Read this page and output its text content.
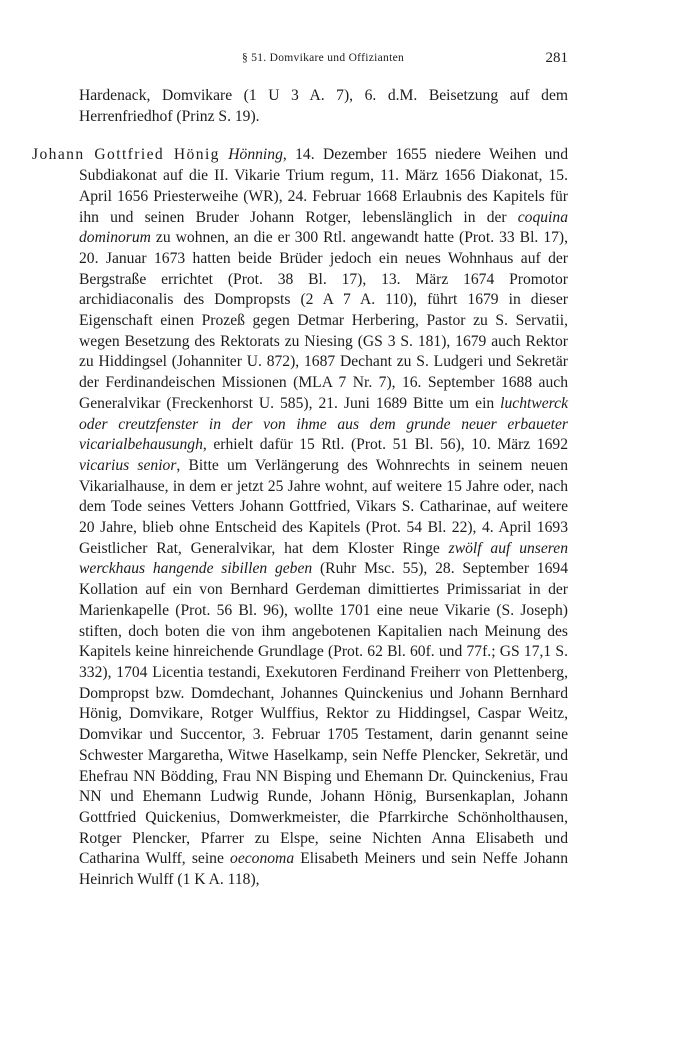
§ 51. Domvikare und Offizianten	281

Hardenack, Domvikare (1 U 3 A. 7), 6. d.M. Beisetzung auf dem Herrenfriedhof (Prinz S. 19).

Johann Gottfried Hönig Hönning, 14. Dezember 1655 niedere Weihen und Subdiakonat auf die II. Vikarie Trium regum, 11. März 1656 Diakonat, 15. April 1656 Priesterweihe (WR), 24. Februar 1668 Erlaubnis des Kapitels für ihn und seinen Bruder Johann Rotger, lebenslänglich in der coquina dominorum zu wohnen, an die er 300 Rtl. angewandt hatte (Prot. 33 Bl. 17), 20. Januar 1673 hatten beide Brüder jedoch ein neues Wohnhaus auf der Bergstraße errichtet (Prot. 38 Bl. 17), 13. März 1674 Promotor archidiaconalis des Dompropsts (2 A 7 A. 110), führt 1679 in dieser Eigenschaft einen Prozeß gegen Detmar Herbering, Pastor zu S. Servatii, wegen Besetzung des Rektorats zu Niesing (GS 3 S. 181), 1679 auch Rektor zu Hiddingsel (Johanniter U. 872), 1687 Dechant zu S. Ludgeri und Sekretär der Ferdinandeischen Missionen (MLA 7 Nr. 7), 16. September 1688 auch Generalvikar (Freckenhorst U. 585), 21. Juni 1689 Bitte um ein luchtwerck oder creutzfenster in der von ihme aus dem grunde neuer erbaueter vicarialbehausungh, erhielt dafür 15 Rtl. (Prot. 51 Bl. 56), 10. März 1692 vicarius senior, Bitte um Verlängerung des Wohnrechts in seinem neuen Vikarialhause, in dem er jetzt 25 Jahre wohnt, auf weitere 15 Jahre oder, nach dem Tode seines Vetters Johann Gottfried, Vikars S. Catharinae, auf weitere 20 Jahre, blieb ohne Entscheid des Kapitels (Prot. 54 Bl. 22), 4. April 1693 Geistlicher Rat, Generalvikar, hat dem Kloster Ringe zwölf auf unseren werckhaus hangende sibillen geben (Ruhr Msc. 55), 28. September 1694 Kollation auf ein von Bernhard Gerdeman dimittiertes Primissariat in der Marienkapelle (Prot. 56 Bl. 96), wollte 1701 eine neue Vikarie (S. Joseph) stiften, doch boten die von ihm angebotenen Kapitalien nach Meinung des Kapitels keine hinreichende Grundlage (Prot. 62 Bl. 60f. und 77f.; GS 17,1 S. 332), 1704 Licentia testandi, Exekutoren Ferdinand Freiherr von Plettenberg, Dompropst bzw. Domdechant, Johannes Quinckenius und Johann Bernhard Hönig, Domvikare, Rotger Wulffius, Rektor zu Hiddingsel, Caspar Weitz, Domvikar und Succentor, 3. Februar 1705 Testament, darin genannt seine Schwester Margaretha, Witwe Haselkamp, sein Neffe Plencker, Sekretär, und Ehefrau NN Bödding, Frau NN Bisping und Ehemann Dr. Quinckenius, Frau NN und Ehemann Ludwig Runde, Johann Hönig, Bursenkaplan, Johann Gottfried Quickenius, Domwerkmeister, die Pfarrkirche Schönholthausen, Rotger Plencker, Pfarrer zu Elspe, seine Nichten Anna Elisabeth und Catharina Wulff, seine oeconoma Elisabeth Meiners und sein Neffe Johann Heinrich Wulff (1 K A. 118),
